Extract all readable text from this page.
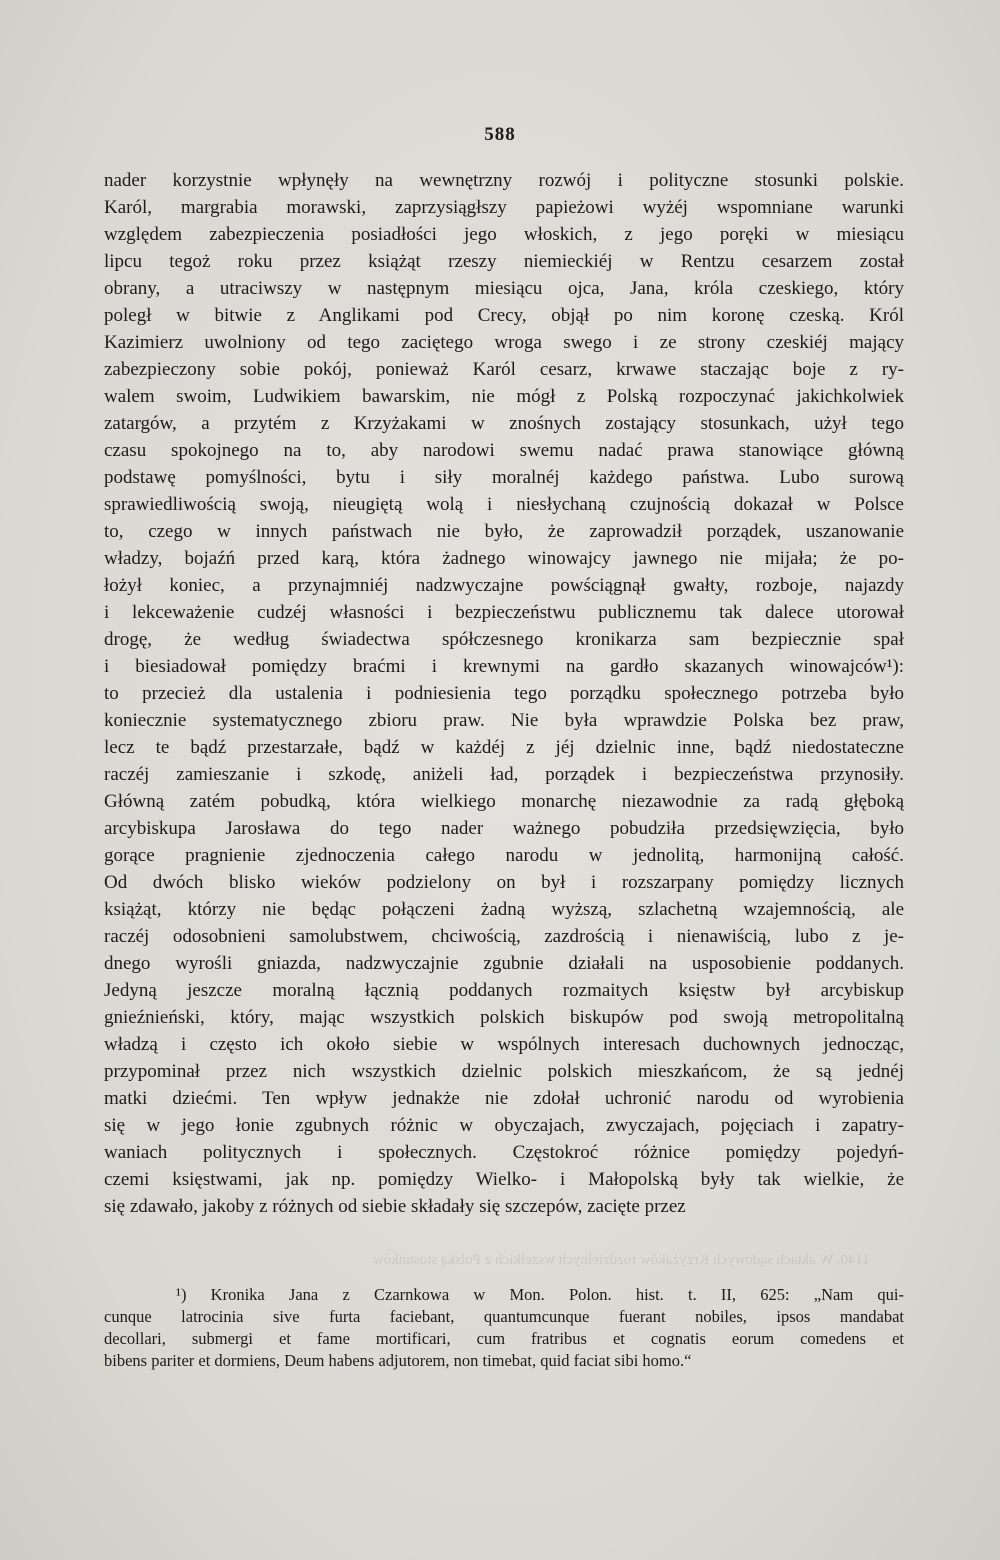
1140. W aktach sądowych Krzyżaków rozdzielnych wszelkich z Polską stosunków
588
nader korzystnie wpłynęły na wewnętrzny rozwój i polityczne stosunki polskie.
Karól, margrabia morawski, zaprzysiągłszy papieżowi wyżéj wspomniane warunki
względem zabezpieczenia posiadłości jego włoskich, z jego poręki w miesiącu
lipcu tegoż roku przez książąt rzeszy niemieckiéj w Rentzu cesarzem został
obrany, a utraciwszy w następnym miesiącu ojca, Jana, króla czeskiego, który
poległ w bitwie z Anglikami pod Crecy, objął po nim koronę czeską. Król
Kazimierz uwolniony od tego zaciętego wroga swego i ze strony czeskiéj mający
zabezpieczony sobie pokój, ponieważ Karól cesarz, krwawe staczając boje z ry-
walem swoim, Ludwikiem bawarskim, nie mógł z Polską rozpoczynać jakichkolwiek
zatargów, a przytém z Krzyżakami w znośnych zostający stosunkach, użył tego
czasu spokojnego na to, aby narodowi swemu nadać prawa stanowiące główną
podstawę pomyślności, bytu i siły moralnéj każdego państwa. Lubo surową
sprawiedliwością swoją, nieugiętą wolą i niesłychaną czujnością dokazał w Polsce
to, czego w innych państwach nie było, że zaprowadził porządek, uszanowanie
władzy, bojaźń przed karą, która żadnego winowajcy jawnego nie mijała; że po-
łożył koniec, a przynajmniéj nadzwyczajne powściągnął gwałty, rozboje, najazdy
i lekceważenie cudzéj własności i bezpieczeństwu publicznemu tak dalece utorował
drogę, że według świadectwa spółczesnego kronikarza sam bezpiecznie spał
i biesiadował pomiędzy braćmi i krewnymi na gardło skazanych winowajców¹):
to przecież dla ustalenia i podniesienia tego porządku społecznego potrzeba było
koniecznie systematycznego zbioru praw. Nie była wprawdzie Polska bez praw,
lecz te bądź przestarzałe, bądź w każdéj z jéj dzielnic inne, bądź niedostateczne
raczéj zamieszanie i szkodę, aniżeli ład, porządek i bezpieczeństwa przynosiły.
Główną zatém pobudką, która wielkiego monarchę niezawodnie za radą głęboką
arcybiskupa Jarosława do tego nader ważnego pobudziła przedsięwzięcia, było
gorące pragnienie zjednoczenia całego narodu w jednolitą, harmonijną całość.
Od dwóch blisko wieków podzielony on był i rozszarpany pomiędzy licznych
książąt, którzy nie będąc połączeni żadną wyższą, szlachetną wzajemnością, ale
raczéj odosobnieni samolubstwem, chciwością, zazdrością i nienawiścią, lubo z je-
dnego wyrośli gniazda, nadzwyczajnie zgubnie działali na usposobienie poddanych.
Jedyną jeszcze moralną łącznią poddanych rozmaitych księstw był arcybiskup
gnieźnieński, który, mając wszystkich polskich biskupów pod swoją metropolitalną
władzą i często ich około siebie w wspólnych interesach duchownych jednocząc,
przypominał przez nich wszystkich dzielnic polskich mieszkańcom, że są jednéj
matki dziećmi. Ten wpływ jednakże nie zdołał uchronić narodu od wyrobienia
się w jego łonie zgubnych różnic w obyczajach, zwyczajach, pojęciach i zapatry-
waniach politycznych i społecznych. Częstokroć różnice pomiędzy pojedyń-
czemi księstwami, jak np. pomiędzy Wielko- i Małopolską były tak wielkie, że
się zdawało, jakoby z różnych od siebie składały się szczepów, zacięte przez
¹) Kronika Jana z Czarnkowa w Mon. Polon. hist. t. II, 625: „Nam qui-
cunque latrocinia sive furta faciebant, quantumcunque fuerant nobiles, ipsos mandabat
decollari, submergi et fame mortificari, cum fratribus et cognatis eorum comedens et
bibens pariter et dormiens, Deum habens adjutorem, non timebat, quid faciat sibi homo.“
